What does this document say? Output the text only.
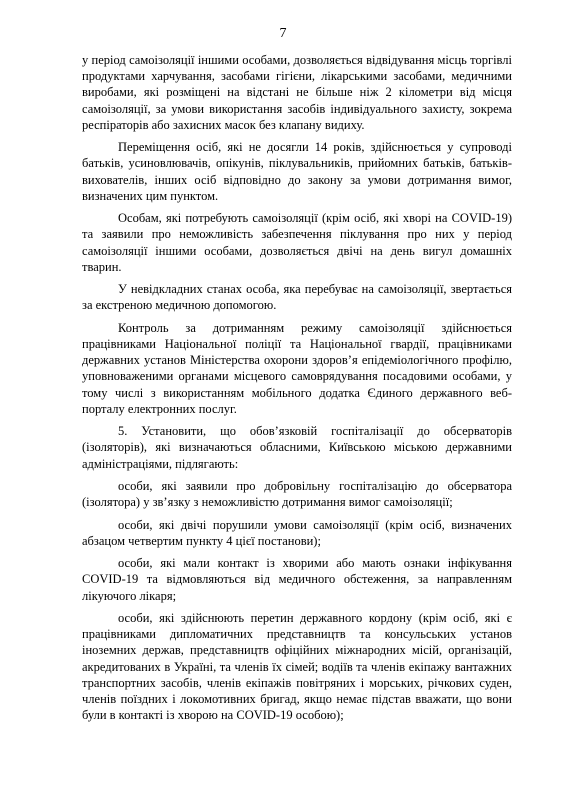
7

у період самоізоляції іншими особами, дозволяється відвідування місць торгівлі продуктами харчування, засобами гігієни, лікарськими засобами, медичними виробами, які розміщені на відстані не більше ніж 2 кілометри від місця самоізоляції, за умови використання засобів індивідуального захисту, зокрема респіраторів або захисних масок без клапану видиху.

Переміщення осіб, які не досягли 14 років, здійснюється у супроводі батьків, усиновлювачів, опікунів, піклувальників, прийомних батьків, батьків-вихователів, інших осіб відповідно до закону за умови дотримання вимог, визначених цим пунктом.

Особам, які потребують самоізоляції (крім осіб, які хворі на COVID-19) та заявили про неможливість забезпечення піклування про них у період самоізоляції іншими особами, дозволяється двічі на день вигул домашніх тварин.

У невідкладних станах особа, яка перебуває на самоізоляції, звертається за екстреною медичною допомогою.

Контроль за дотриманням режиму самоізоляції здійснюється працівниками Національної поліції та Національної гвардії, працівниками державних установ Міністерства охорони здоров’я епідеміологічного профілю, уповноваженими органами місцевого самоврядування посадовими особами, у тому числі з використанням мобільного додатка Єдиного державного веб-порталу електронних послуг.

5. Установити, що обов’язковій госпіталізації до обсерваторів (ізоляторів), які визначаються обласними, Київською міською державними адміністраціями, підлягають:

особи, які заявили про добровільну госпіталізацію до обсерватора (ізолятора) у зв’язку з неможливістю дотримання вимог самоізоляції;

особи, які двічі порушили умови самоізоляції (крім осіб, визначених абзацом четвертим пункту 4 цієї постанови);

особи, які мали контакт із хворими або мають ознаки інфікування COVID-19 та відмовляються від медичного обстеження, за направленням лікуючого лікаря;

особи, які здійснюють перетин державного кордону (крім осіб, які є працівниками дипломатичних представництв та консульських установ іноземних держав, представництв офіційних міжнародних місій, організацій, акредитованих в Україні, та членів їх сімей; водіїв та членів екіпажу вантажних транспортних засобів, членів екіпажів повітряних і морських, річкових суден, членів поїздних і локомотивних бригад, якщо немає підстав вважати, що вони були в контакті із хворою на COVID-19 особою);
